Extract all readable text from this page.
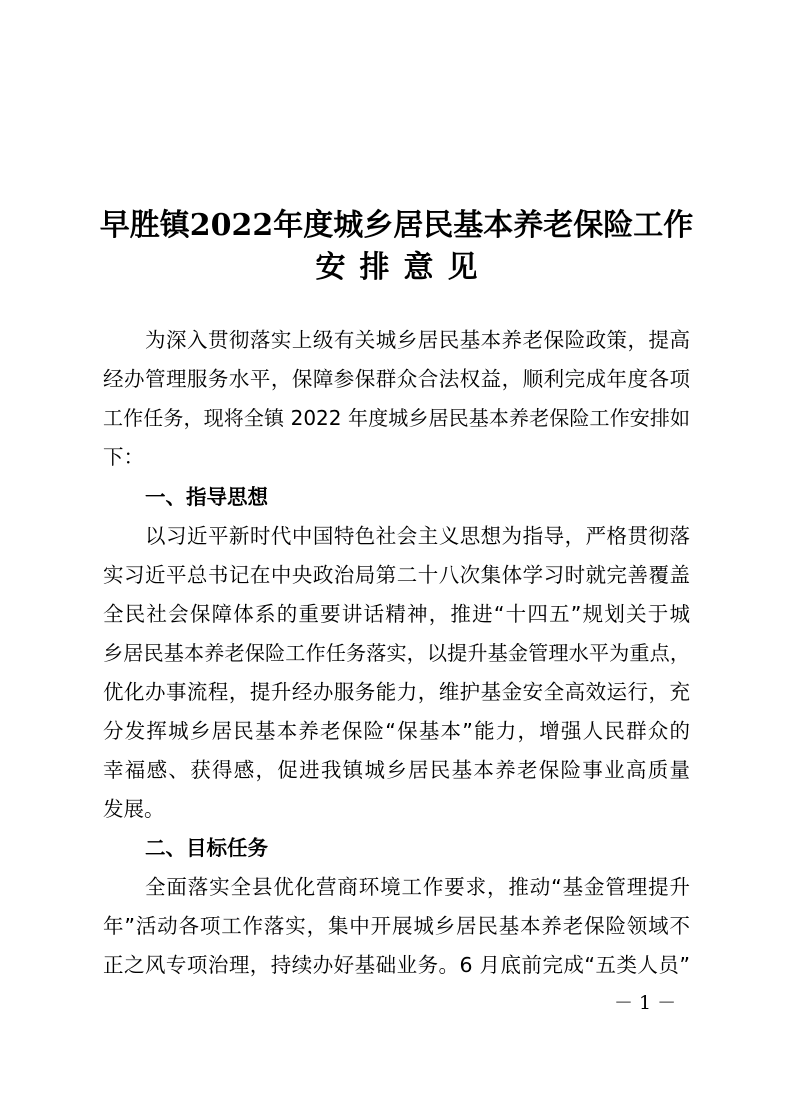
早胜镇2022年度城乡居民基本养老保险工作
安排意见
为深入贯彻落实上级有关城乡居民基本养老保险政策，提高
经办管理服务水平，保障参保群众合法权益，顺利完成年度各项
工作任务，现将全镇 2022 年度城乡居民基本养老保险工作安排如
下：
一、指导思想
以习近平新时代中国特色社会主义思想为指导，严格贯彻落
实习近平总书记在中央政治局第二十八次集体学习时就完善覆盖
全民社会保障体系的重要讲话精神，推进“十四五”规划关于城
乡居民基本养老保险工作任务落实，以提升基金管理水平为重点，
优化办事流程，提升经办服务能力，维护基金安全高效运行，充
分发挥城乡居民基本养老保险“保基本”能力，增强人民群众的
幸福感、获得感，促进我镇城乡居民基本养老保险事业高质量
发展。
二、目标任务
全面落实全县优化营商环境工作要求，推动“基金管理提升
年”活动各项工作落实，集中开展城乡居民基本养老保险领域不
正之风专项治理，持续办好基础业务。6 月底前完成“五类人员”
－ 1 －
